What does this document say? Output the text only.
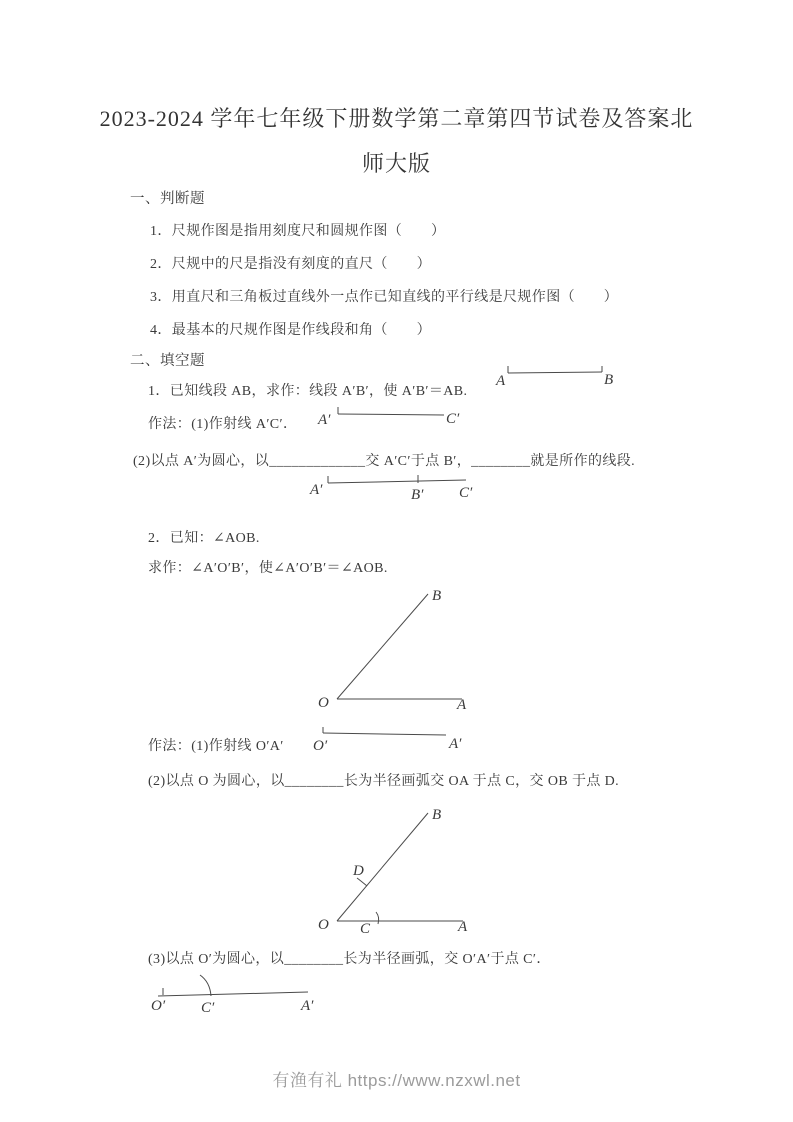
2023-2024 学年七年级下册数学第二章第四节试卷及答案北
师大版
一、判断题
1．尺规作图是指用刻度尺和圆规作图（　　）
2．尺规中的尺是指没有刻度的直尺（　　）
3．用直尺和三角板过直线外一点作已知直线的平行线是尺规作图（　　）
4．最基本的尺规作图是作线段和角（　　）
二、填空题
1．已知线段 AB，求作：线段 A′B′，使 A′B′＝AB.
A	B
作法：(1)作射线 A′C′． A′	C′
(2)以点 A′为圆心，以_____________交 A′C′于点 B′，________就是所作的线段.
A′	B′ C′
2．已知：∠AOB.
求作：∠A′O′B′，使∠A′O′B′＝∠AOB.
B
O	A
作法：(1)作射线 O′A′ O′	A′
(2)以点 O 为圆心，以________长为半径画弧交 OA 于点 C，交 OB 于点 D.
B
O	A
D
C
(3)以点 O′为圆心，以________长为半径画弧，交 O′A′于点 C′．
O′ C′	A′
有渔有礼 https://www.nzxwl.net
